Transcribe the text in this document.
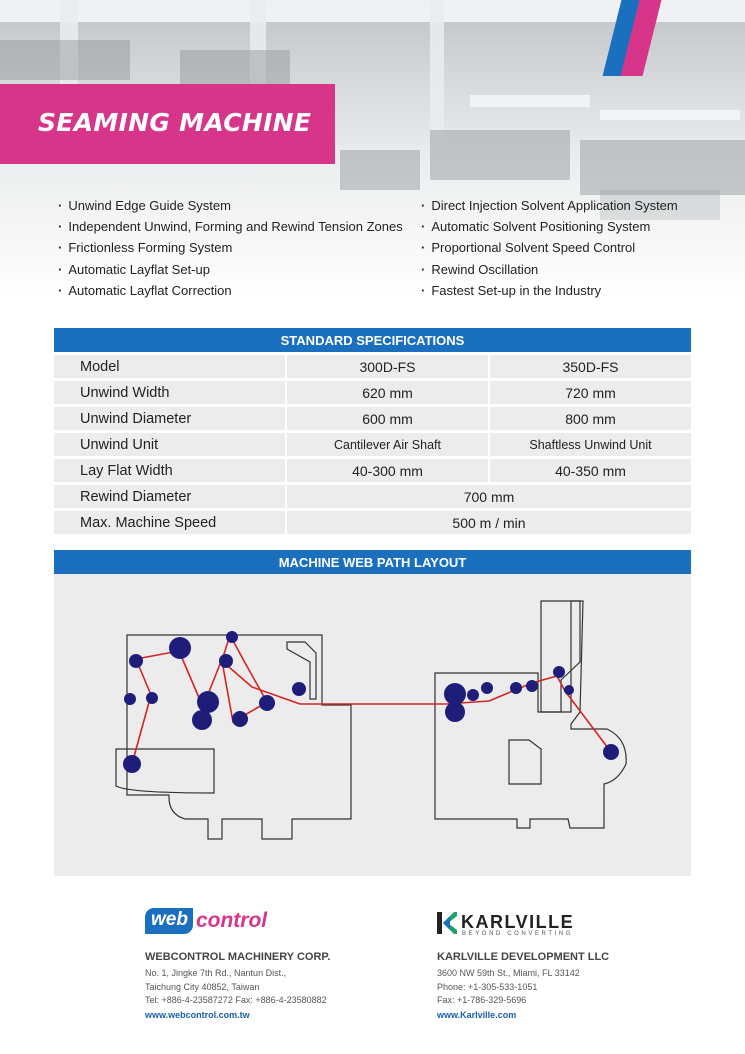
SEAMING MACHINE
· Unwind Edge Guide System
· Independent Unwind, Forming and Rewind Tension Zones
· Frictionless Forming System
· Automatic Layflat Set-up
· Automatic Layflat Correction
· Direct Injection Solvent Application System
· Automatic Solvent Positioning System
· Proportional Solvent Speed Control
· Rewind Oscillation
· Fastest Set-up in the Industry
STANDARD SPECIFICATIONS
Model	300D-FS	350D-FS
Unwind Width	620 mm	720 mm
Unwind Diameter	600 mm	800 mm
Unwind Unit	Cantilever Air Shaft	Shaftless Unwind Unit
Lay Flat Width	40-300 mm	40-350 mm
Rewind Diameter	700 mm	
Max. Machine Speed	500 m / min	
MACHINE WEB PATH LAYOUT
web control
WEBCONTROL MACHINERY CORP.
No. 1, Jingke 7th Rd., Nantun Dist.,
Taichung City 40852, Taiwan
Tel: +886-4-23587272 Fax: +886-4-23580882
www.webcontrol.com.tw
KARLVILLE
BEYOND CONVERTING
KARLVILLE DEVELOPMENT LLC
3600 NW 59th St., Miami, FL 33142
Phone: +1-305-533-1051
Fax: +1-786-329-5696
www.Karlville.com
